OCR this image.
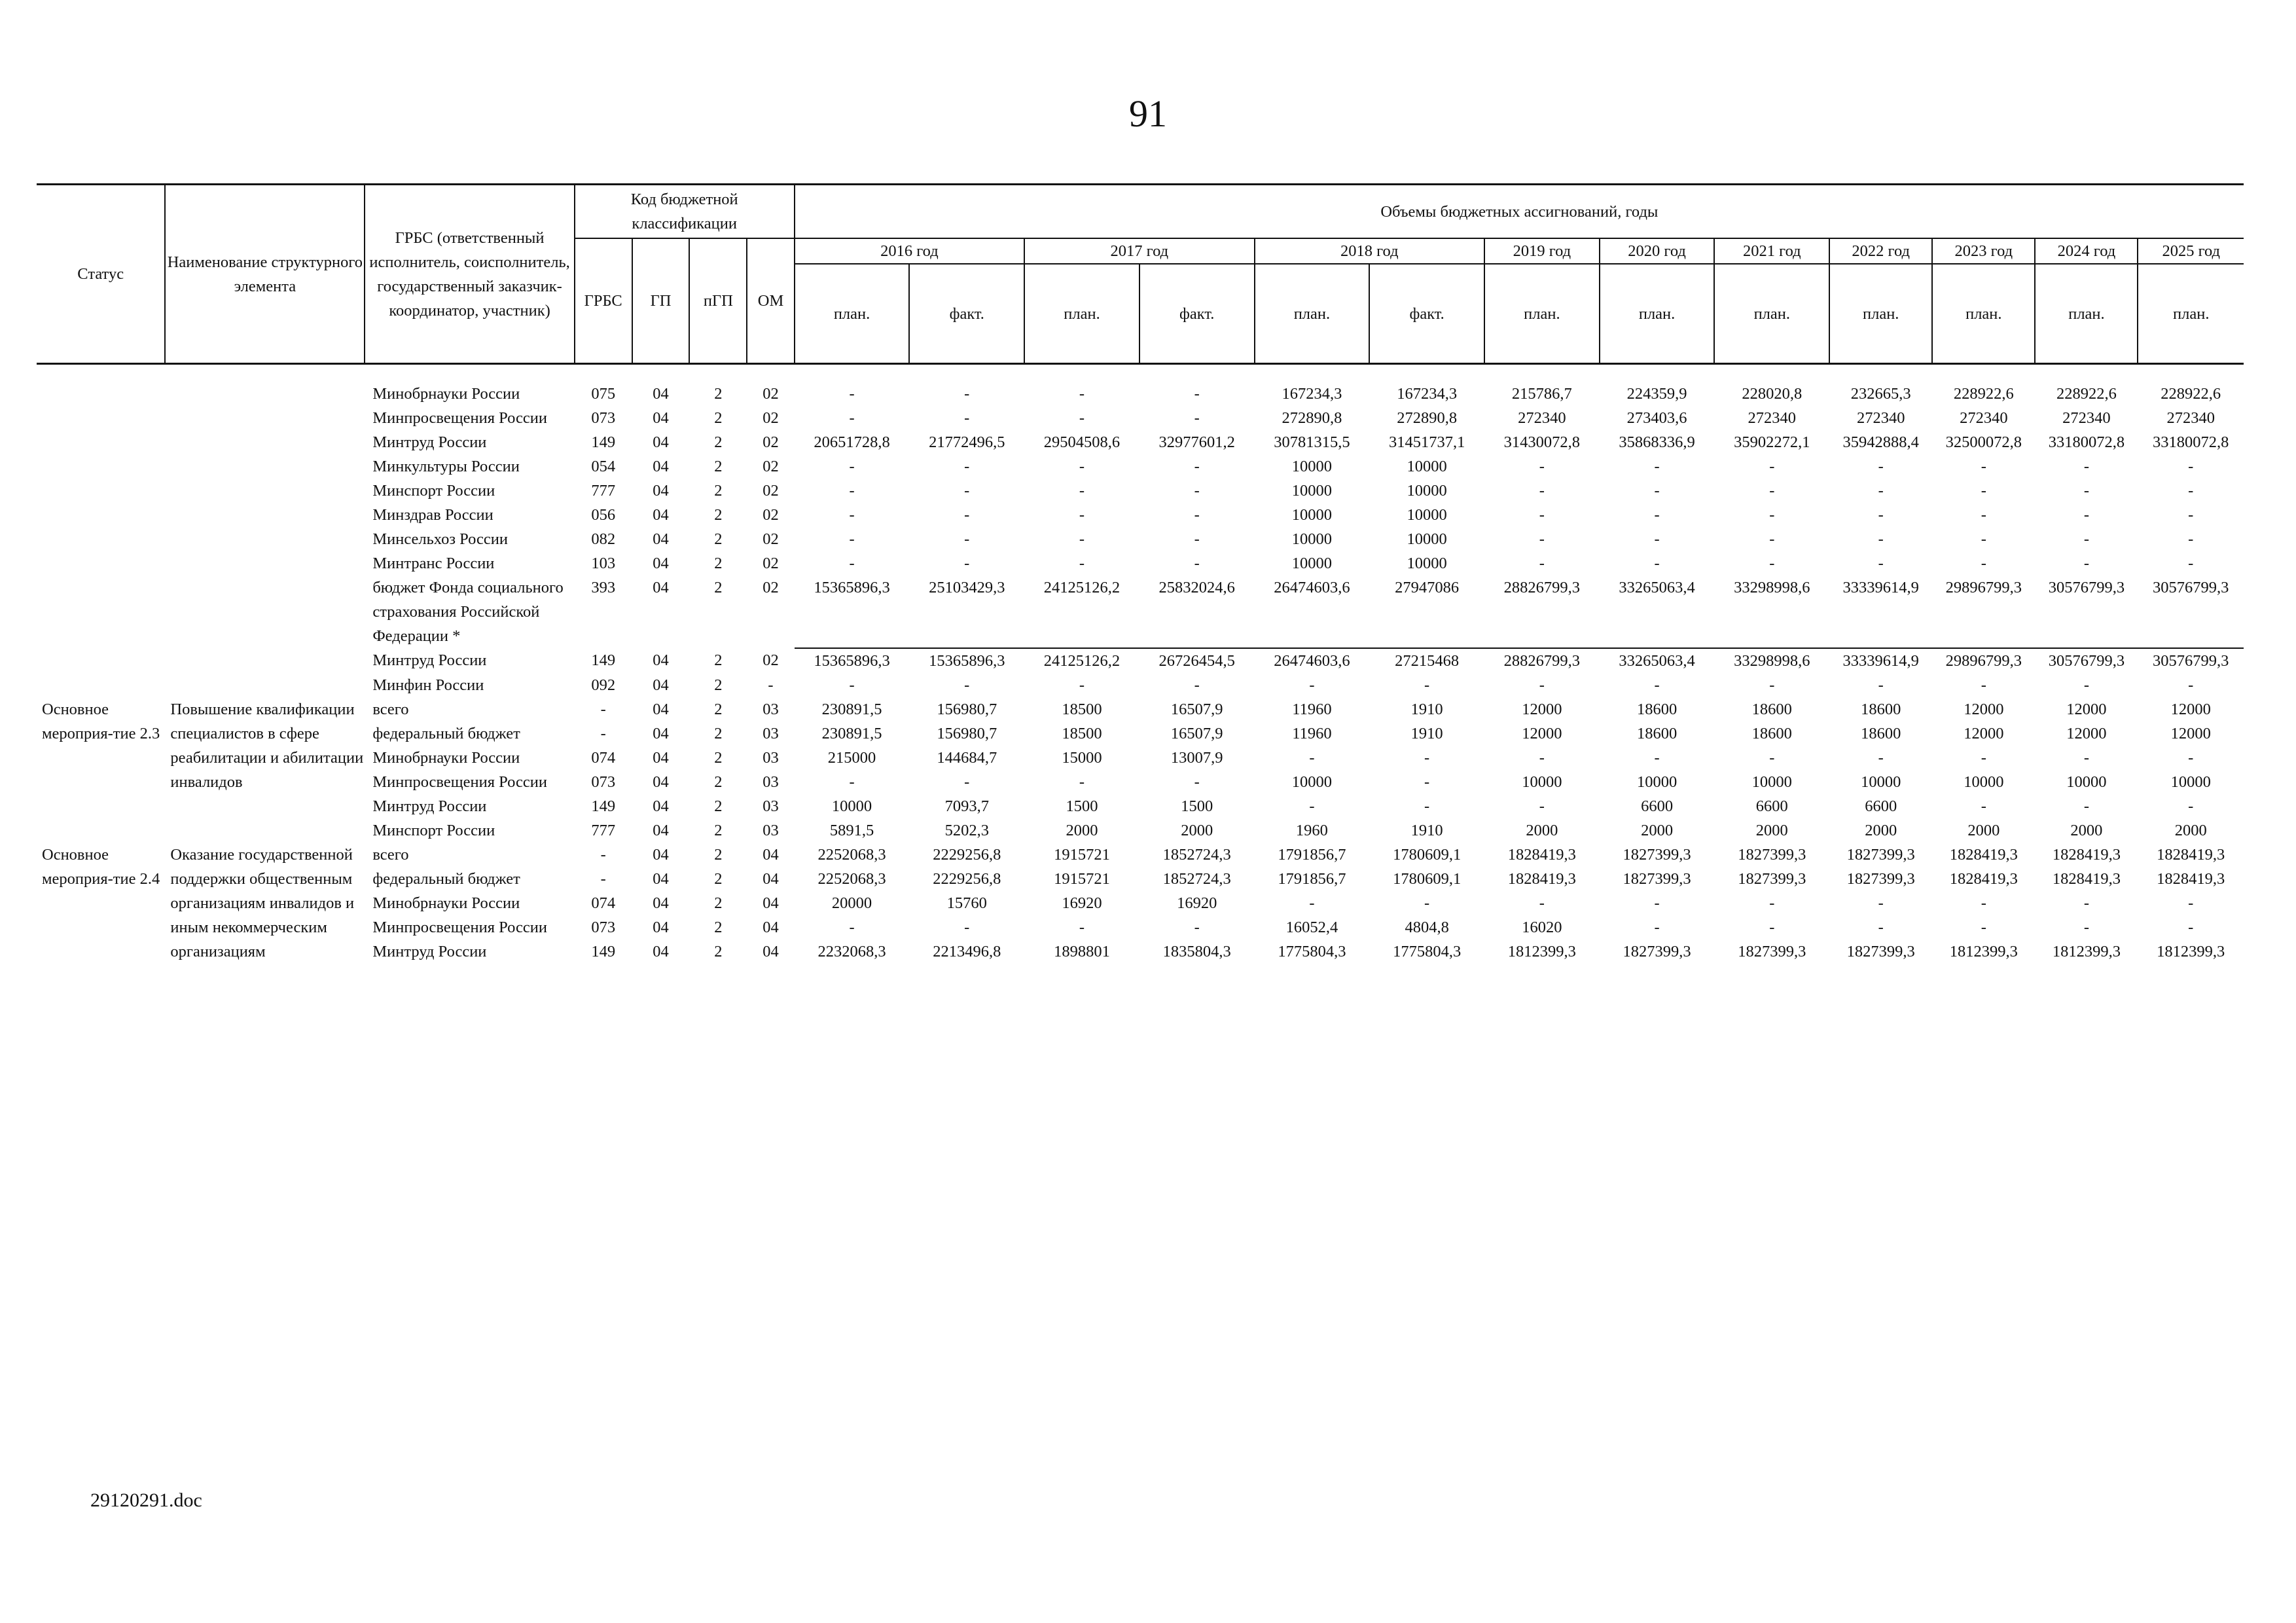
91
Статус	Наименование структурного элемента	ГРБС (ответственный исполнитель, соисполнитель, государственный заказчик-координатор, участник)	Код бюджетной классификации				Объемы бюджетных ассигнований, годы												
			ГРБС	ГП	пГП	ОМ	2016 год		2017 год		2018 год		2019 год	2020 год	2021 год	2022 год	2023 год	2024 год	2025 год
							план.	факт.	план.	факт.	план.	факт.	план.	план.	план.	план.	план.	план.	план.

		Минобрнауки России	075	04	2	02	-	-	-	-	167234,3	167234,3	215786,7	224359,9	228020,8	232665,3	228922,6	228922,6	228922,6
		Минпросвещения России	073	04	2	02	-	-	-	-	272890,8	272890,8	272340	273403,6	272340	272340	272340	272340	272340
		Минтруд России	149	04	2	02	20651728,8	21772496,5	29504508,6	32977601,2	30781315,5	31451737,1	31430072,8	35868336,9	35902272,1	35942888,4	32500072,8	33180072,8	33180072,8
		Минкультуры России	054	04	2	02	-	-	-	-	10000	10000	-	-	-	-	-	-	-
		Минспорт России	777	04	2	02	-	-	-	-	10000	10000	-	-	-	-	-	-	-
		Минздрав России	056	04	2	02	-	-	-	-	10000	10000	-	-	-	-	-	-	-
		Минсельхоз России	082	04	2	02	-	-	-	-	10000	10000	-	-	-	-	-	-	-
		Минтранс России	103	04	2	02	-	-	-	-	10000	10000	-	-	-	-	-	-	-
		бюджет Фонда социального страхования Российской Федерации *	393	04	2	02	15365896,3	25103429,3	24125126,2	25832024,6	26474603,6	27947086	28826799,3	33265063,4	33298998,6	33339614,9	29896799,3	30576799,3	30576799,3
		Минтруд России	149	04	2	02	15365896,3	15365896,3	24125126,2	26726454,5	26474603,6	27215468	28826799,3	33265063,4	33298998,6	33339614,9	29896799,3	30576799,3	30576799,3
		Минфин России	092	04	2	-	-	-	-	-	-	-	-	-	-	-	-	-	-
Основное мероприя-тие 2.3	Повышение квалификации специалистов в сфере реабилитации и абилитации инвалидов	всего	-	04	2	03	230891,5	156980,7	18500	16507,9	11960	1910	12000	18600	18600	18600	12000	12000	12000
		федеральный бюджет	-	04	2	03	230891,5	156980,7	18500	16507,9	11960	1910	12000	18600	18600	18600	12000	12000	12000
		Минобрнауки России	074	04	2	03	215000	144684,7	15000	13007,9	-	-	-	-	-	-	-	-	-
		Минпросвещения России	073	04	2	03	-	-	-	-	10000	-	10000	10000	10000	10000	10000	10000	10000
		Минтруд России	149	04	2	03	10000	7093,7	1500	1500	-	-	-	6600	6600	6600	-	-	-
		Минспорт России	777	04	2	03	5891,5	5202,3	2000	2000	1960	1910	2000	2000	2000	2000	2000	2000	2000
Основное мероприя-тие 2.4	Оказание государственной поддержки общественным организациям инвалидов и иным некоммерческим организациям	всего	-	04	2	04	2252068,3	2229256,8	1915721	1852724,3	1791856,7	1780609,1	1828419,3	1827399,3	1827399,3	1827399,3	1828419,3	1828419,3	1828419,3
		федеральный бюджет	-	04	2	04	2252068,3	2229256,8	1915721	1852724,3	1791856,7	1780609,1	1828419,3	1827399,3	1827399,3	1827399,3	1828419,3	1828419,3	1828419,3
		Минобрнауки России	074	04	2	04	20000	15760	16920	16920	-	-	-	-	-	-	-	-	-
		Минпросвещения России	073	04	2	04	-	-	-	-	16052,4	4804,8	16020	-	-	-	-	-	-
		Минтруд России	149	04	2	04	2232068,3	2213496,8	1898801	1835804,3	1775804,3	1775804,3	1812399,3	1827399,3	1827399,3	1827399,3	1812399,3	1812399,3	1812399,3
29120291.doc
